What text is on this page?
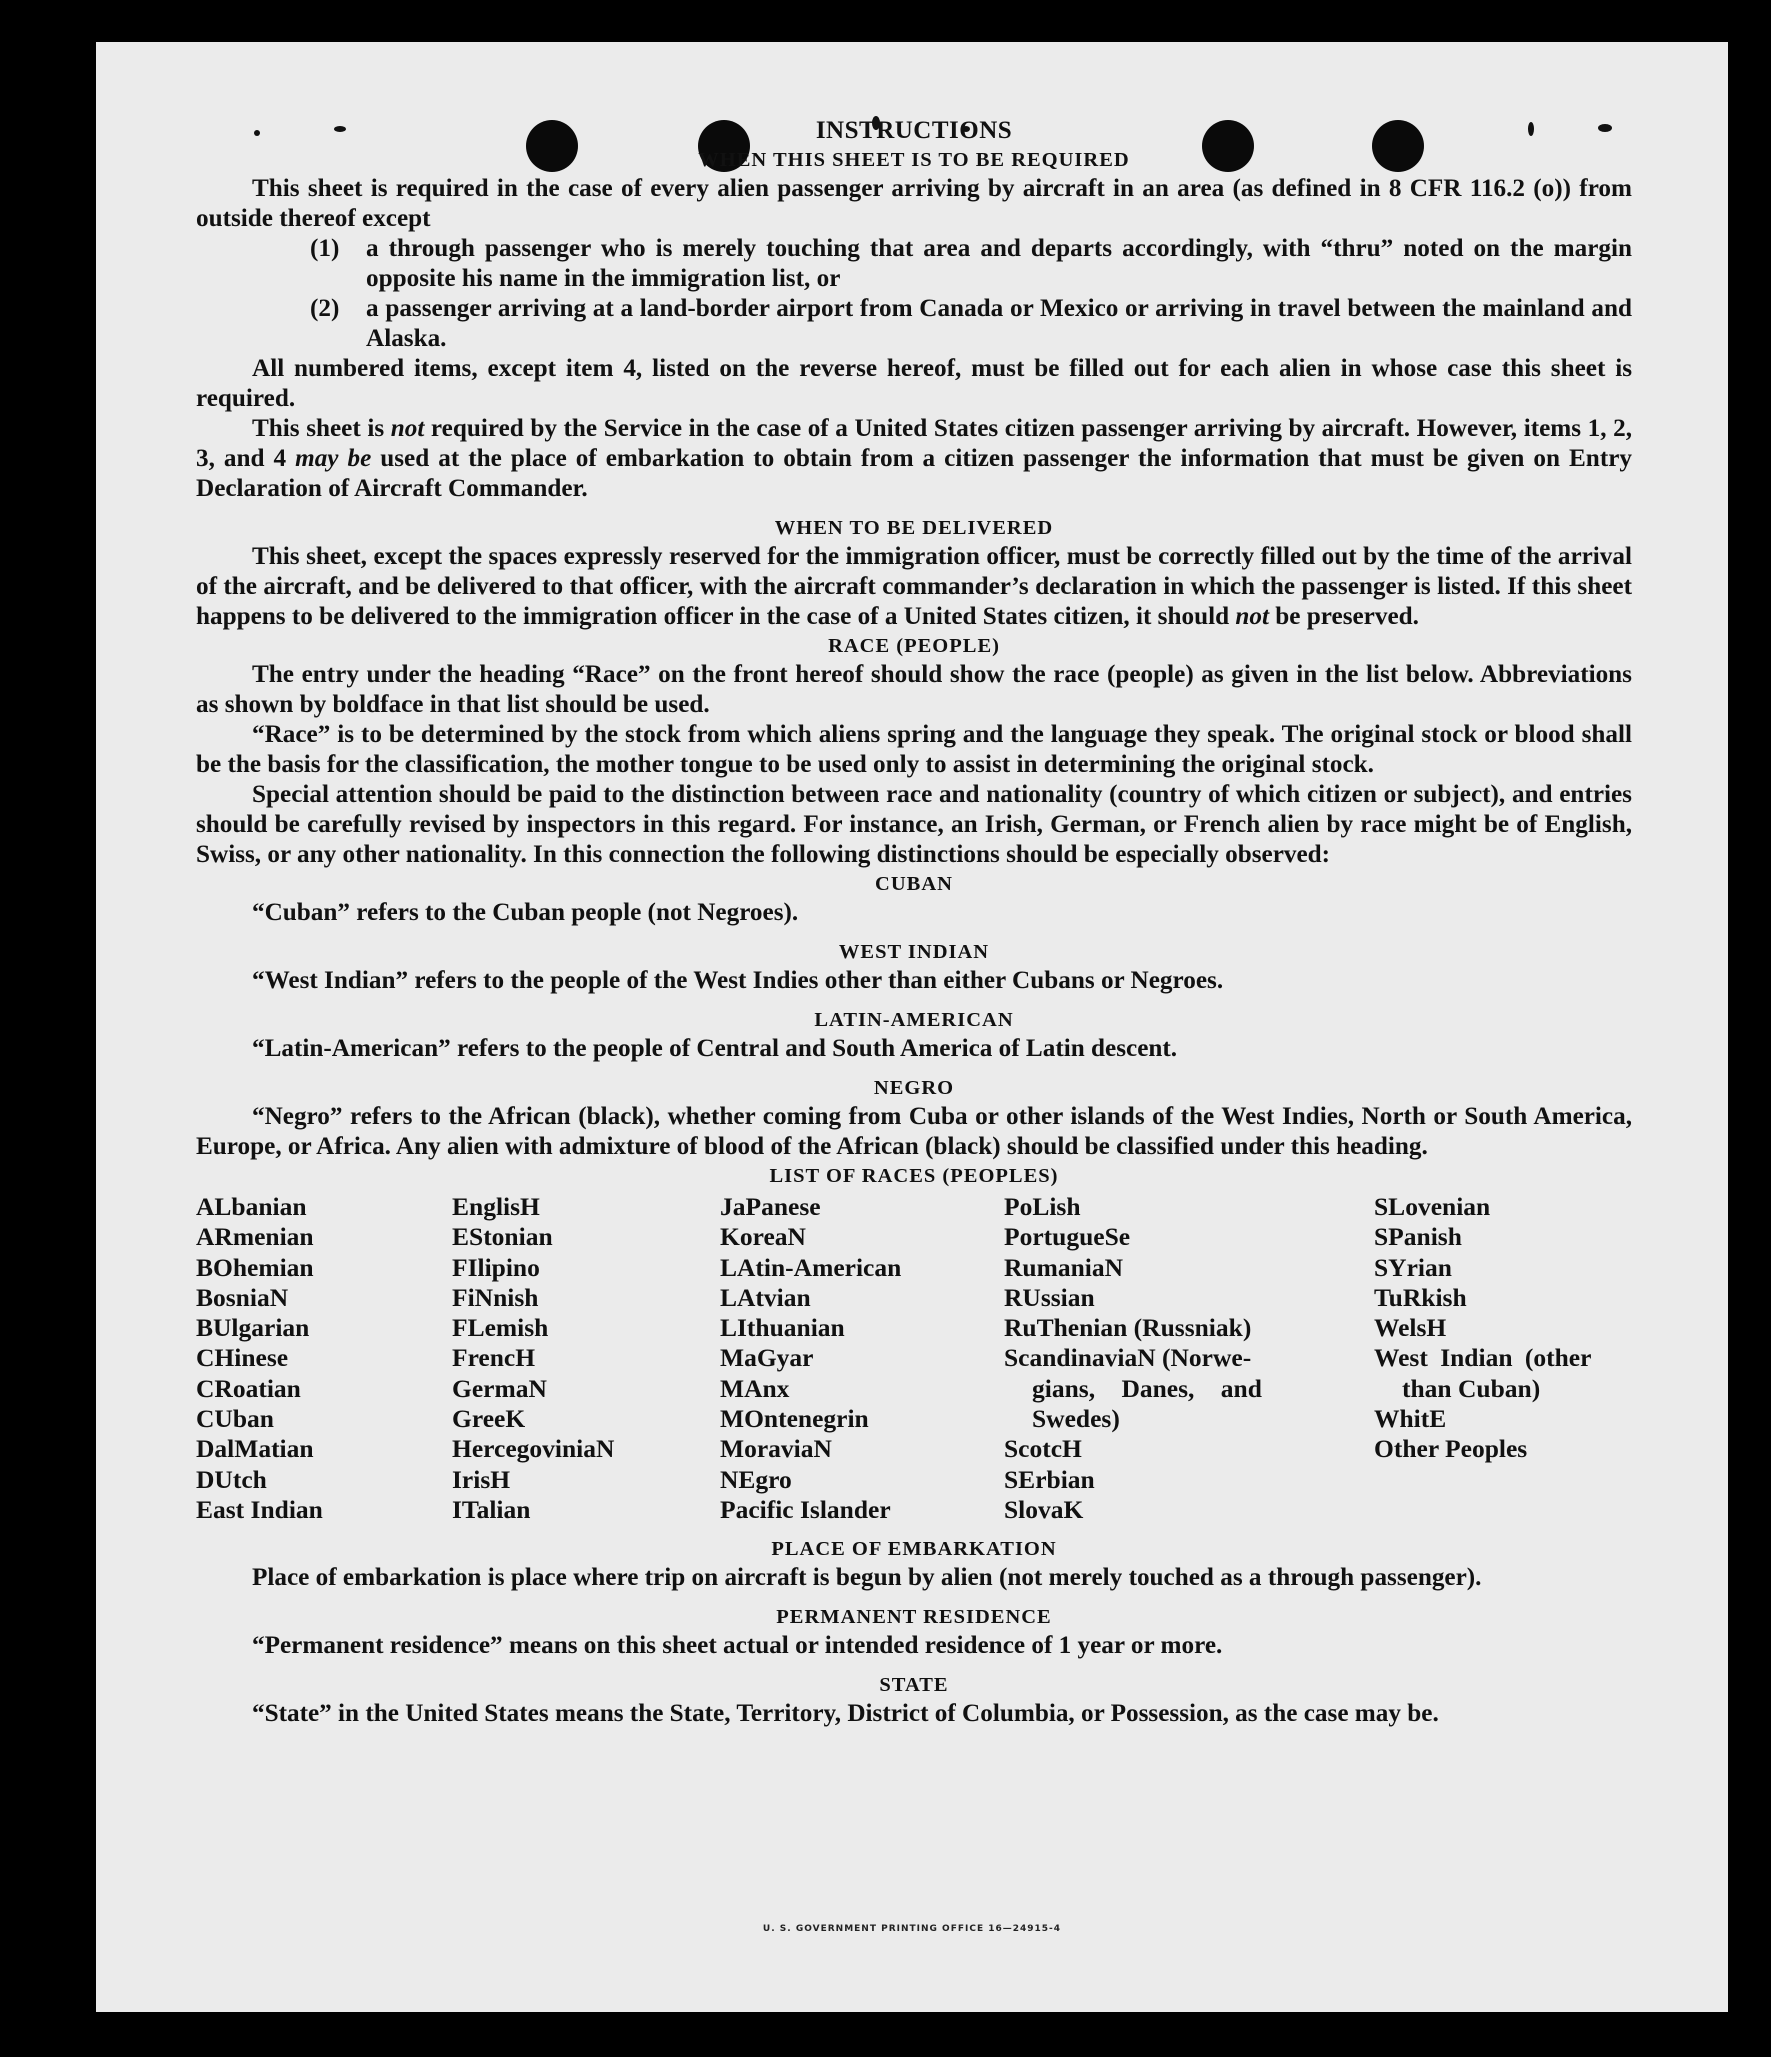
INSTRUCTIONS
WHEN THIS SHEET IS TO BE REQUIRED

This sheet is required in the case of every alien passenger arriving by aircraft in an area (as defined in 8 CFR 116.2 (o)) from outside thereof except

(1)	a through passenger who is merely touching that area and departs accordingly, with “thru” noted on the margin opposite his name in the immigration list, or
(2)	a passenger arriving at a land-border airport from Canada or Mexico or arriving in travel between the mainland and Alaska.

All numbered items, except item 4, listed on the reverse hereof, must be filled out for each alien in whose case this sheet is required.

This sheet is not required by the Service in the case of a United States citizen passenger arriving by aircraft. However, items 1, 2, 3, and 4 may be used at the place of embarkation to obtain from a citizen passenger the information that must be given on Entry Declaration of Aircraft Commander.

WHEN TO BE DELIVERED

This sheet, except the spaces expressly reserved for the immigration officer, must be correctly filled out by the time of the arrival of the aircraft, and be delivered to that officer, with the aircraft commander’s declaration in which the passenger is listed. If this sheet happens to be delivered to the immigration officer in the case of a United States citizen, it should not be preserved.

RACE (PEOPLE)

The entry under the heading “Race” on the front hereof should show the race (people) as given in the list below. Abbreviations as shown by boldface in that list should be used.

“Race” is to be determined by the stock from which aliens spring and the language they speak. The original stock or blood shall be the basis for the classification, the mother tongue to be used only to assist in determining the original stock.

Special attention should be paid to the distinction between race and nationality (country of which citizen or subject), and entries should be carefully revised by inspectors in this regard. For instance, an Irish, German, or French alien by race might be of English, Swiss, or any other nationality. In this connection the following distinctions should be especially observed:

CUBAN

“Cuban” refers to the Cuban people (not Negroes).

WEST INDIAN

“West Indian” refers to the people of the West Indies other than either Cubans or Negroes.

LATIN-AMERICAN

“Latin-American” refers to the people of Central and South America of Latin descent.

NEGRO

“Negro” refers to the African (black), whether coming from Cuba or other islands of the West Indies, North or South America, Europe, or Africa. Any alien with admixture of blood of the African (black) should be classified under this heading.

LIST OF RACES (PEOPLES)
ALbanian
ARmenian
BOhemian
BosniaN
BUlgarian
CHinese
CRoatian
CUban
DalMatian
DUtch
East Indian
EnglisH
EStonian
FIlipino
FiNnish
FLemish
FrencH
GermaN
GreeK
HercegoviniaN
IrisH
ITalian
JaPanese
KoreaN
LAtin-American
LAtvian
LIthuanian
MaGyar
MAnx
MOntenegrin
MoraviaN
NEgro
Pacific Islander
PoLish
PortugueSe
RumaniaN
RUssian
RuThenian (Russniak)
ScandinaviaN (Norwe-
gians, Danes, and
Swedes)
ScotcH
SErbian
SlovaK
SLovenian
SPanish
SYrian
TuRkish
WelsH
West Indian (other
than Cuban)
WhitE
Other Peoples
PLACE OF EMBARKATION

Place of embarkation is place where trip on aircraft is begun by alien (not merely touched as a through passenger).

PERMANENT RESIDENCE

“Permanent residence” means on this sheet actual or intended residence of 1 year or more.

STATE

“State” in the United States means the State, Territory, District of Columbia, or Possession, as the case may be.

U. S. GOVERNMENT PRINTING OFFICE 16—24915-4
